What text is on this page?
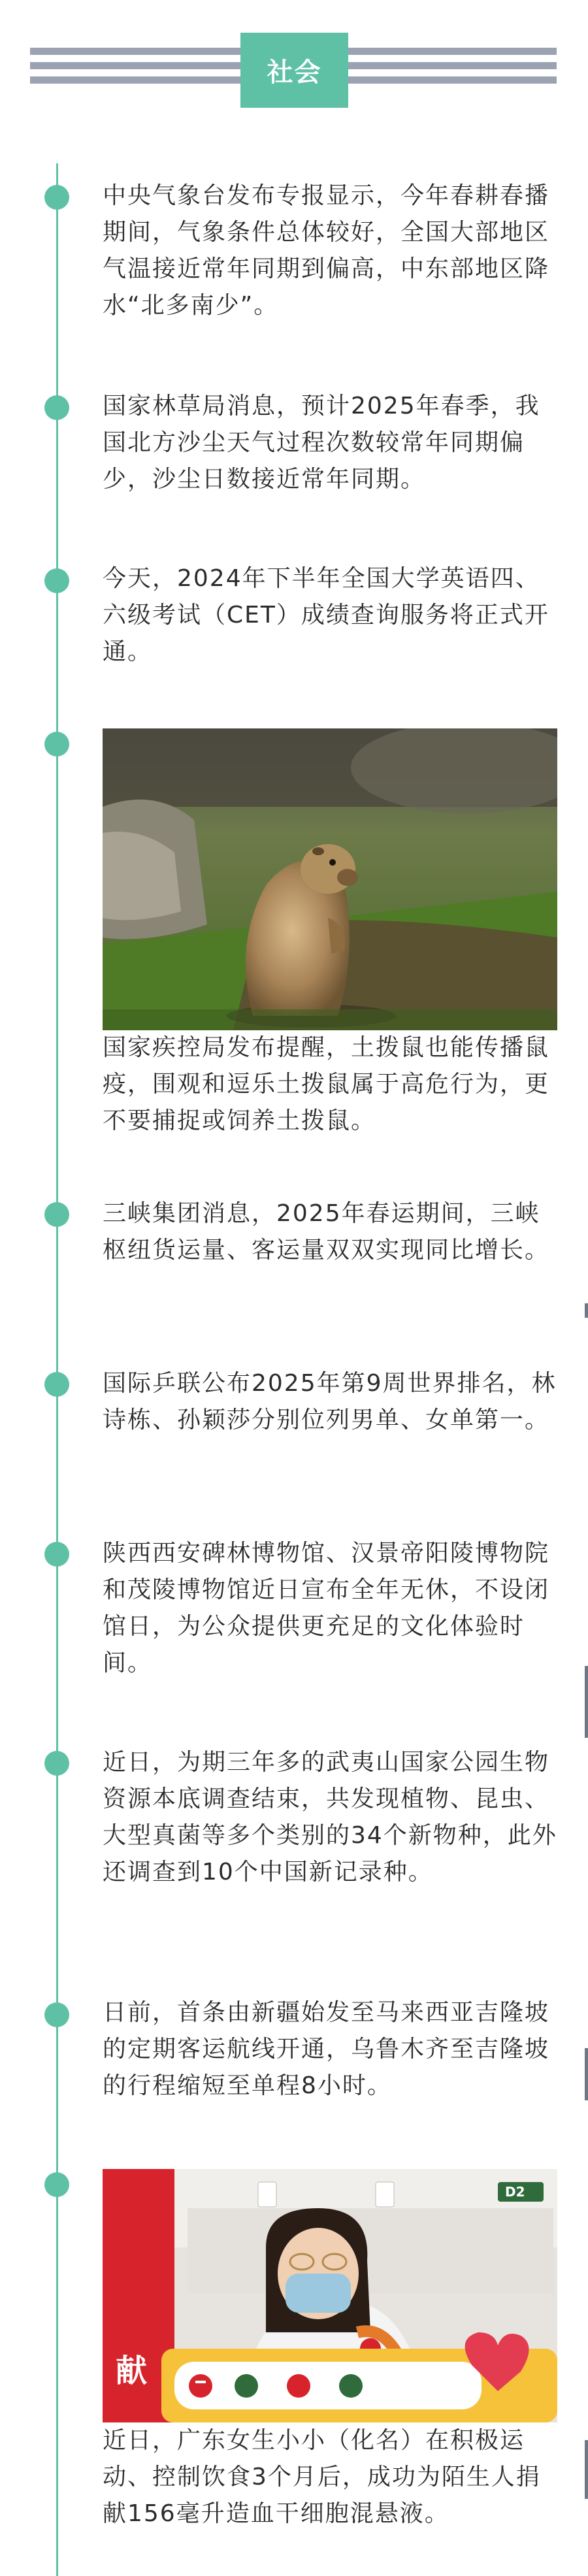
社会

中央气象台发布专报显示，今年春耕春播期间，气象条件总体较好，全国大部地区气温接近常年同期到偏高，中东部地区降水“北多南少”。

国家林草局消息，预计2025年春季，我国北方沙尘天气过程次数较常年同期偏少，沙尘日数接近常年同期。

今天，2024年下半年全国大学英语四、六级考试（CET）成绩查询服务将正式开通。

国家疾控局发布提醒，土拨鼠也能传播鼠疫，围观和逗乐土拨鼠属于高危行为，更不要捕捉或饲养土拨鼠。

三峡集团消息，2025年春运期间，三峡枢纽货运量、客运量双双实现同比增长。

国际乒联公布2025年第9周世界排名，林诗栋、孙颖莎分别位列男单、女单第一。

陕西西安碑林博物馆、汉景帝阳陵博物院和茂陵博物馆近日宣布全年无休，不设闭馆日，为公众提供更充足的文化体验时间。

近日，为期三年多的武夷山国家公园生物资源本底调查结束，共发现植物、昆虫、大型真菌等多个类别的34个新物种，此外还调查到10个中国新记录种。

日前，首条由新疆始发至马来西亚吉隆坡的定期客运航线开通，乌鲁木齐至吉隆坡的行程缩短至单程8小时。

献
D2

近日，广东女生小小（化名）在积极运动、控制饮食3个月后，成功为陌生人捐献156毫升造血干细胞混悬液。
